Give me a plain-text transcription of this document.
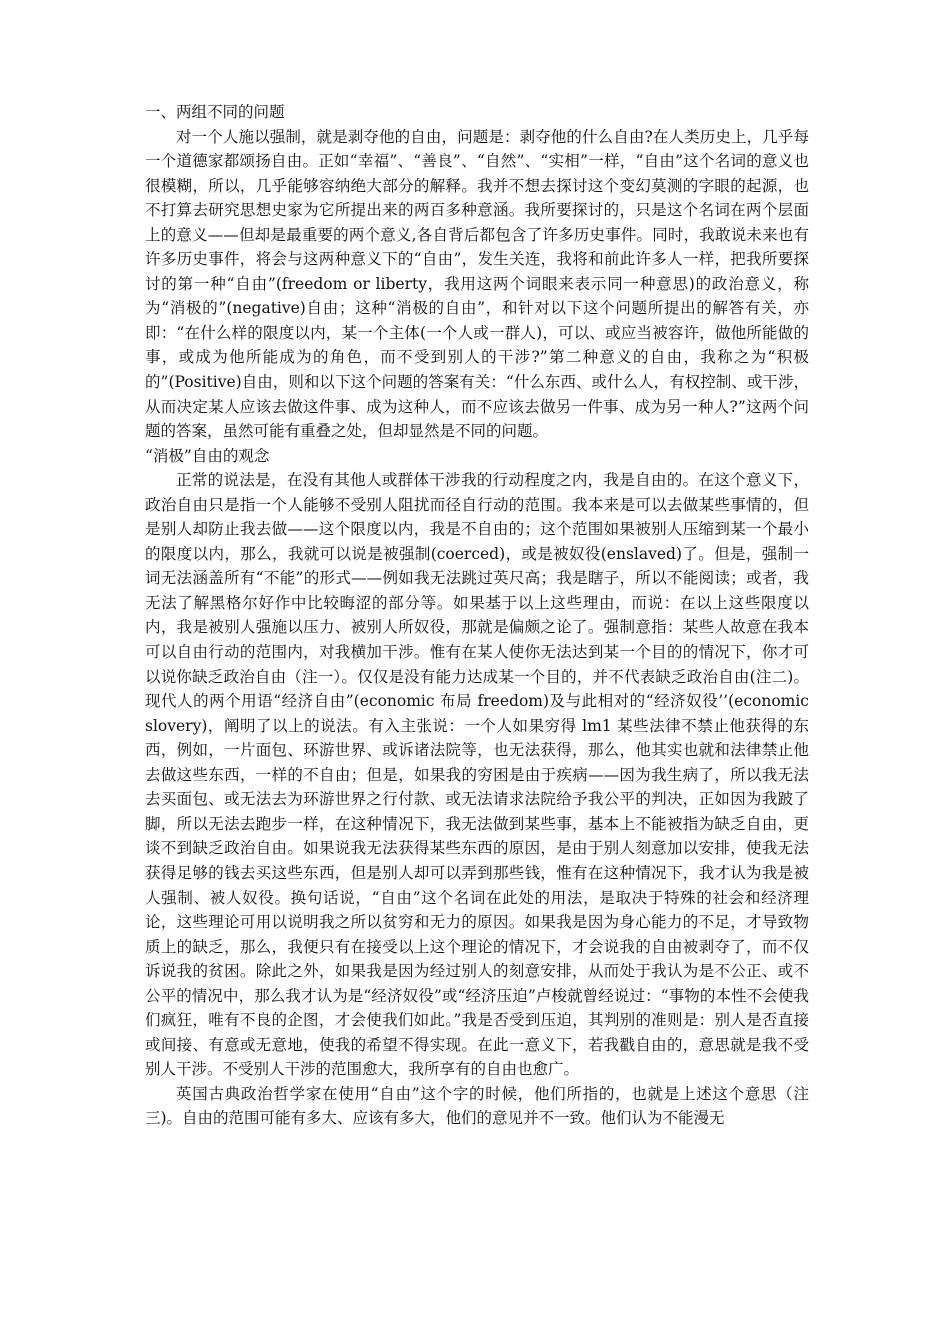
一、两组不同的问题

对一个人施以强制，就是剥夺他的自由，问题是：剥夺他的什么自由?在人类历史上，几乎每一个道德家都颂扬自由。正如“幸福”、“善良”、“自然”、“实相”一样，“自由”这个名词的意义也很模糊，所以，几乎能够容纳绝大部分的解释。我并不想去探讨这个变幻莫测的字眼的起源，也不打算去研究思想史家为它所提出来的两百多种意涵。我所要探讨的，只是这个名词在两个层面上的意义——但却是最重要的两个意义,各自背后都包含了许多历史事件。同时，我敢说未来也有许多历史事件，将会与这两种意义下的“自由”，发生关连，我将和前此许多人一样，把我所要探讨的第一种“自由”(freedom or liberty，我用这两个词眼来表示同一种意思)的政治意义，称为“消极的”(negative)自由；这种“消极的自由”，和针对以下这个问题所提出的解答有关，亦即：“在什么样的限度以内，某一个主体(一个人或一群人)，可以、或应当被容许，做他所能做的事，或成为他所能成为的角色，而不受到别人的干涉?”第二种意义的自由，我称之为“积极的”(Positive)自由，则和以下这个问题的答案有关：“什么东西、或什么人，有权控制、或干涉，从而决定某人应该去做这件事、成为这种人，而不应该去做另一件事、成为另一种人?”这两个问题的答案，虽然可能有重叠之处，但却显然是不同的问题。

“消极”自由的观念

正常的说法是，在没有其他人或群体干涉我的行动程度之内，我是自由的。在这个意义下，政治自由只是指一个人能够不受别人阻扰而径自行动的范围。我本来是可以去做某些事情的，但是别人却防止我去做——这个限度以内，我是不自由的；这个范围如果被别人压缩到某一个最小的限度以内，那么，我就可以说是被强制(coerced)，或是被奴役(enslaved)了。但是，强制一词无法涵盖所有“不能”的形式——例如我无法跳过英尺高；我是瞎子，所以不能阅读；或者，我无法了解黑格尔好作中比较晦涩的部分等。如果基于以上这些理由，而说：在以上这些限度以内，我是被别人强施以压力、被别人所奴役，那就是偏颇之论了。强制意指：某些人故意在我本可以自由行动的范围内，对我横加干涉。惟有在某人使你无法达到某一个目的的情况下，你才可以说你缺乏政治自由（注一）。仅仅是没有能力达成某一个目的，并不代表缺乏政治自由(注二)。现代人的两个用语“经济自由”(economic 布局 freedom)及与此相对的“经济奴役’’(economic slovery)，阐明了以上的说法。有入主张说：一个人如果穷得 lm1 某些法律不禁止他获得的东西，例如，一片面包、环游世界、或诉诸法院等，也无法获得，那么，他其实也就和法律禁止他去做这些东西，一样的不自由；但是，如果我的穷困是由于疾病——因为我生病了，所以我无法去买面包、或无法去为环游世界之行付款、或无法请求法院给予我公平的判决，正如因为我跛了脚，所以无法去跑步一样，在这种情况下，我无法做到某些事，基本上不能被指为缺乏自由，更谈不到缺乏政治自由。如果说我无法获得某些东西的原因，是由于别人刻意加以安排，使我无法获得足够的钱去买这些东西，但是别人却可以弄到那些钱，惟有在这种情况下，我才认为我是被人强制、被人奴役。换句话说，“自由”这个名词在此处的用法，是取决于特殊的社会和经济理论，这些理论可用以说明我之所以贫穷和无力的原因。如果我是因为身心能力的不足，才导致物质上的缺乏，那么，我便只有在接受以上这个理论的情况下，才会说我的自由被剥夺了，而不仅诉说我的贫困。除此之外，如果我是因为经过别人的刻意安排，从而处于我认为是不公正、或不公平的情况中，那么我才认为是“经济奴役”或“经济压迫”卢梭就曾经说过：“事物的本性不会使我们疯狂，唯有不良的企图，才会使我们如此。”我是否受到压迫，其判别的准则是：别人是否直接或间接、有意或无意地，使我的希望不得实现。在此一意义下，若我戳自由的，意思就是我不受别人干涉。不受别人干涉的范围愈大，我所享有的自由也愈广。

英国古典政治哲学家在使用“自由”这个字的时候，他们所指的，也就是上述这个意思（注三)。自由的范围可能有多大、应该有多大，他们的意见并不一致。他们认为不能漫无
